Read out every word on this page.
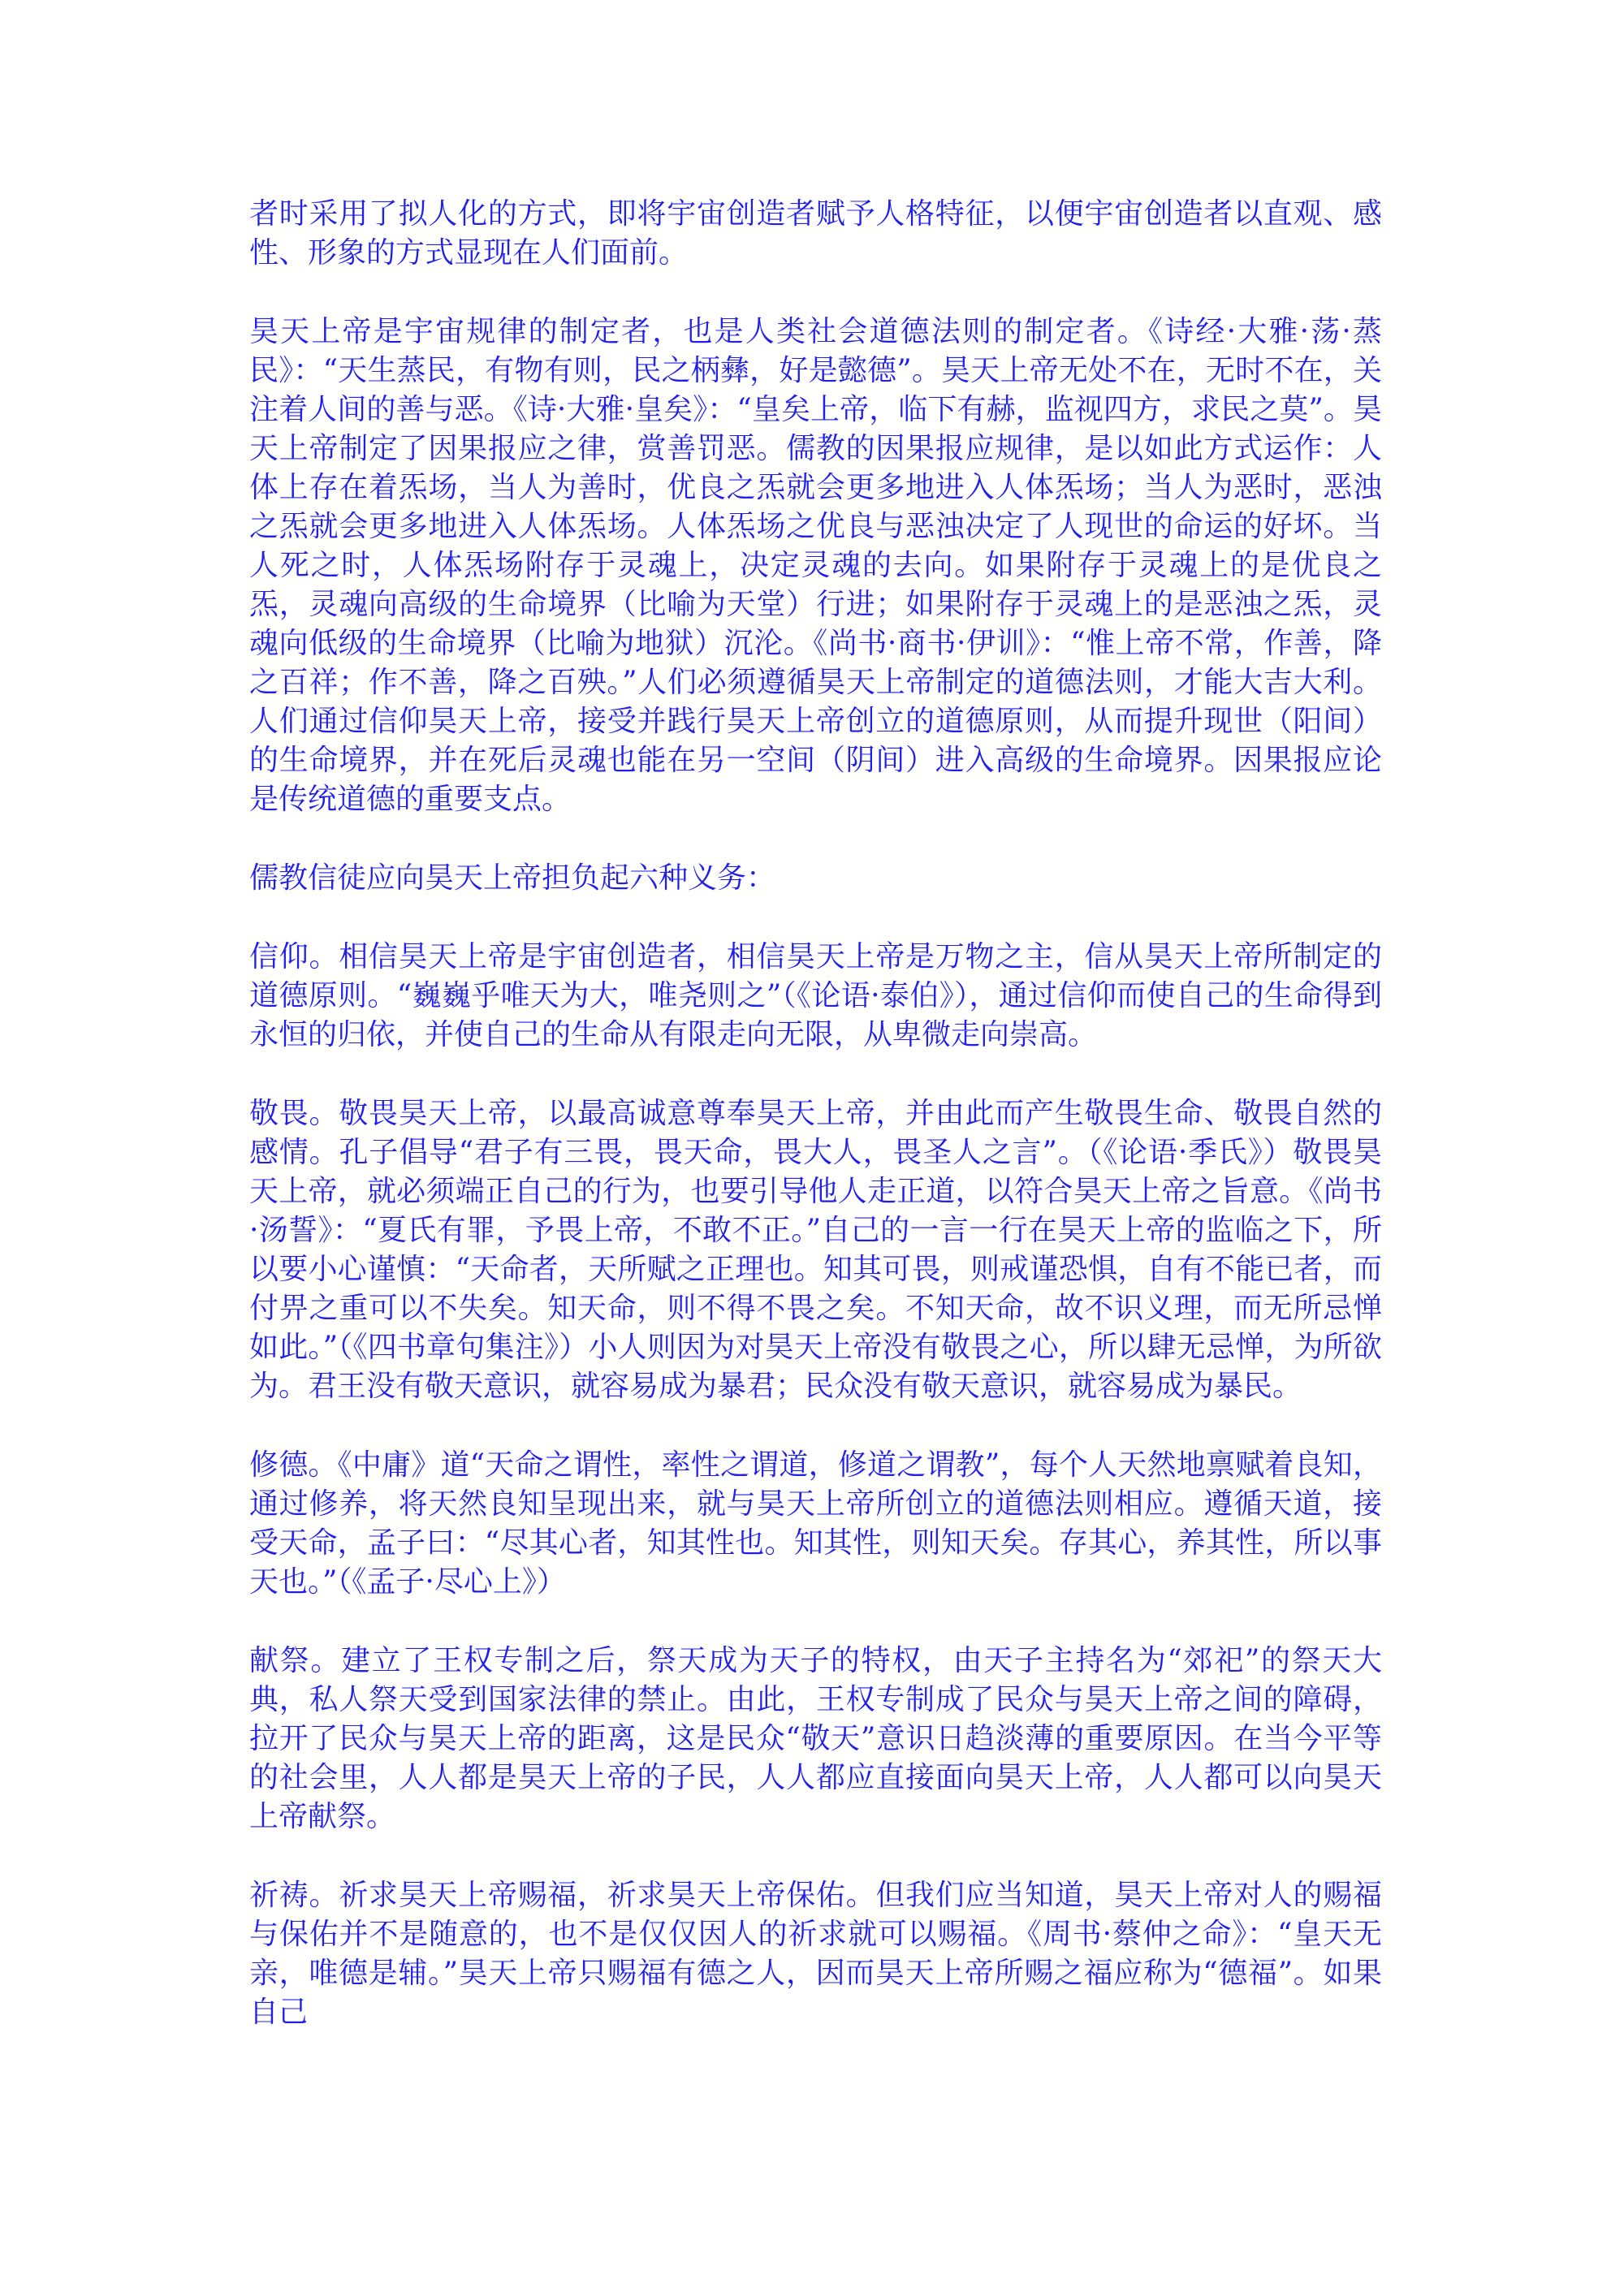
者时采用了拟人化的方式，即将宇宙创造者赋予人格特征，以便宇宙创造者以直观、感性、形象的方式显现在人们面前。

昊天上帝是宇宙规律的制定者，也是人类社会道德法则的制定者。《诗经·大雅·荡·蒸民》：“天生蒸民，有物有则，民之柄彝，好是懿德”。昊天上帝无处不在，无时不在，关注着人间的善与恶。《诗·大雅·皇矣》：“皇矣上帝，临下有赫，监视四方，求民之莫”。昊天上帝制定了因果报应之律，赏善罚恶。儒教的因果报应规律，是以如此方式运作：人体上存在着炁场，当人为善时，优良之炁就会更多地进入人体炁场；当人为恶时，恶浊之炁就会更多地进入人体炁场。人体炁场之优良与恶浊决定了人现世的命运的好坏。当人死之时，人体炁场附存于灵魂上，决定灵魂的去向。如果附存于灵魂上的是优良之炁，灵魂向高级的生命境界（比喻为天堂）行进；如果附存于灵魂上的是恶浊之炁，灵魂向低级的生命境界（比喻为地狱）沉沦。《尚书·商书·伊训》：“惟上帝不常，作善，降之百祥；作不善，降之百殃。”人们必须遵循昊天上帝制定的道德法则，才能大吉大利。人们通过信仰昊天上帝，接受并践行昊天上帝创立的道德原则，从而提升现世（阳间）的生命境界，并在死后灵魂也能在另一空间（阴间）进入高级的生命境界。因果报应论是传统道德的重要支点。

儒教信徒应向昊天上帝担负起六种义务：

信仰。相信昊天上帝是宇宙创造者，相信昊天上帝是万物之主，信从昊天上帝所制定的道德原则。“巍巍乎唯天为大，唯尧则之”（《论语·泰伯》），通过信仰而使自己的生命得到永恒的归依，并使自己的生命从有限走向无限，从卑微走向崇高。

敬畏。敬畏昊天上帝，以最高诚意尊奉昊天上帝，并由此而产生敬畏生命、敬畏自然的感情。孔子倡导“君子有三畏，畏天命，畏大人，畏圣人之言”。（《论语·季氏》）敬畏昊天上帝，就必须端正自己的行为，也要引导他人走正道，以符合昊天上帝之旨意。《尚书·汤誓》：“夏氏有罪，予畏上帝，不敢不正。”自己的一言一行在昊天上帝的监临之下，所以要小心谨慎：“天命者，天所赋之正理也。知其可畏，则戒谨恐惧，自有不能已者，而付畀之重可以不失矣。知天命，则不得不畏之矣。不知天命，故不识义理，而无所忌惮如此。”（《四书章句集注》）小人则因为对昊天上帝没有敬畏之心，所以肆无忌惮，为所欲为。君王没有敬天意识，就容易成为暴君；民众没有敬天意识，就容易成为暴民。

修德。《中庸》道“天命之谓性，率性之谓道，修道之谓教”，每个人天然地禀赋着良知，通过修养，将天然良知呈现出来，就与昊天上帝所创立的道德法则相应。遵循天道，接受天命，孟子曰：“尽其心者，知其性也。知其性，则知天矣。存其心，养其性，所以事天也。”（《孟子·尽心上》）

献祭。建立了王权专制之后，祭天成为天子的特权，由天子主持名为“郊祀”的祭天大典，私人祭天受到国家法律的禁止。由此，王权专制成了民众与昊天上帝之间的障碍，拉开了民众与昊天上帝的距离，这是民众“敬天”意识日趋淡薄的重要原因。在当今平等的社会里，人人都是昊天上帝的子民，人人都应直接面向昊天上帝，人人都可以向昊天上帝献祭。

祈祷。祈求昊天上帝赐福，祈求昊天上帝保佑。但我们应当知道，昊天上帝对人的赐福与保佑并不是随意的，也不是仅仅因人的祈求就可以赐福。《周书·蔡仲之命》：“皇天无亲，唯德是辅。”昊天上帝只赐福有德之人，因而昊天上帝所赐之福应称为“德福”。如果自己
